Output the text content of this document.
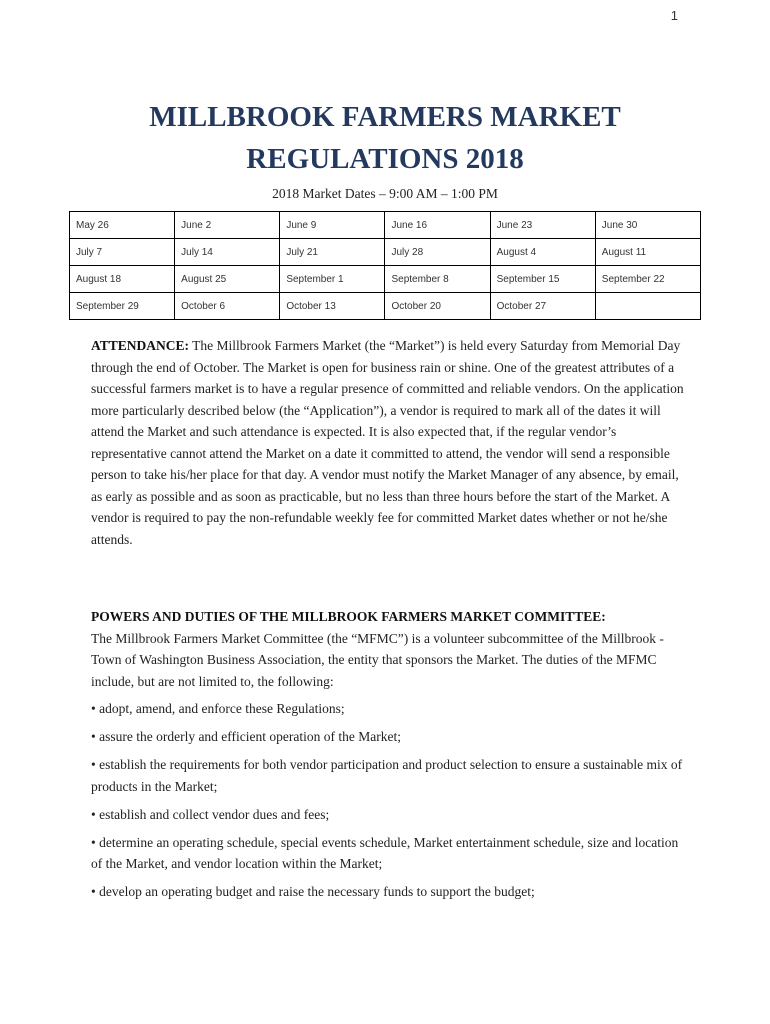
1
MILLBROOK FARMERS MARKET
REGULATIONS 2018
2018 Market Dates – 9:00 AM – 1:00 PM
May 26	June 2	June 9	June 16	June 23	June 30
July 7	July 14	July 21	July 28	August 4	August 11
August 18	August 25	September 1	September 8	September 15	September 22
September 29	October 6	October 13	October 20	October 27	

ATTENDANCE: The Millbrook Farmers Market (the “Market”) is held every Saturday from Memorial Day through the end of October. The Market is open for business rain or shine. One of the greatest attributes of a successful farmers market is to have a regular presence of committed and reliable vendors. On the application more particularly described below (the “Application”), a vendor is required to mark all of the dates it will attend the Market and such attendance is expected. It is also expected that, if the regular vendor’s representative cannot attend the Market on a date it committed to attend, the vendor will send a responsible person to take his/her place for that day. A vendor must notify the Market Manager of any absence, by email, as early as possible and as soon as practicable, but no less than three hours before the start of the Market. A vendor is required to pay the non-refundable weekly fee for committed Market dates whether or not he/she attends.

POWERS AND DUTIES OF THE MILLBROOK FARMERS MARKET COMMITTEE:

The Millbrook Farmers Market Committee (the “MFMC”) is a volunteer subcommittee of the Millbrook - Town of Washington Business Association, the entity that sponsors the Market. The duties of the MFMC include, but are not limited to, the following:

• adopt, amend, and enforce these Regulations;

• assure the orderly and efficient operation of the Market;

• establish the requirements for both vendor participation and product selection to ensure a sustainable mix of products in the Market;

• establish and collect vendor dues and fees;

• determine an operating schedule, special events schedule, Market entertainment schedule, size and location of the Market, and vendor location within the Market;

• develop an operating budget and raise the necessary funds to support the budget;
